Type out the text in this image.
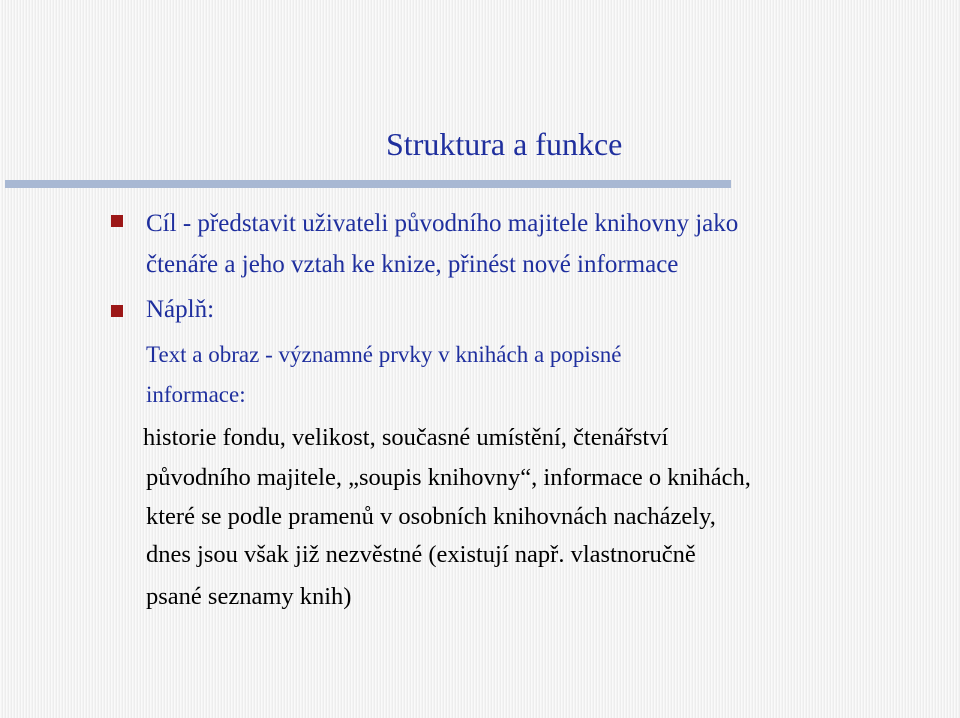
Struktura a funkce

Cíl - představit uživateli původního majitele knihovny jako

čtenáře a jeho vztah ke knize, přinést nové informace

Náplň:

Text a obraz - významné prvky v knihách a popisné

informace:

historie fondu, velikost, současné umístění, čtenářství

původního majitele, „soupis knihovny“, informace o knihách,

které se podle pramenů v osobních knihovnách nacházely,

dnes jsou však již nezvěstné (existují např. vlastnoručně

psané seznamy knih)
